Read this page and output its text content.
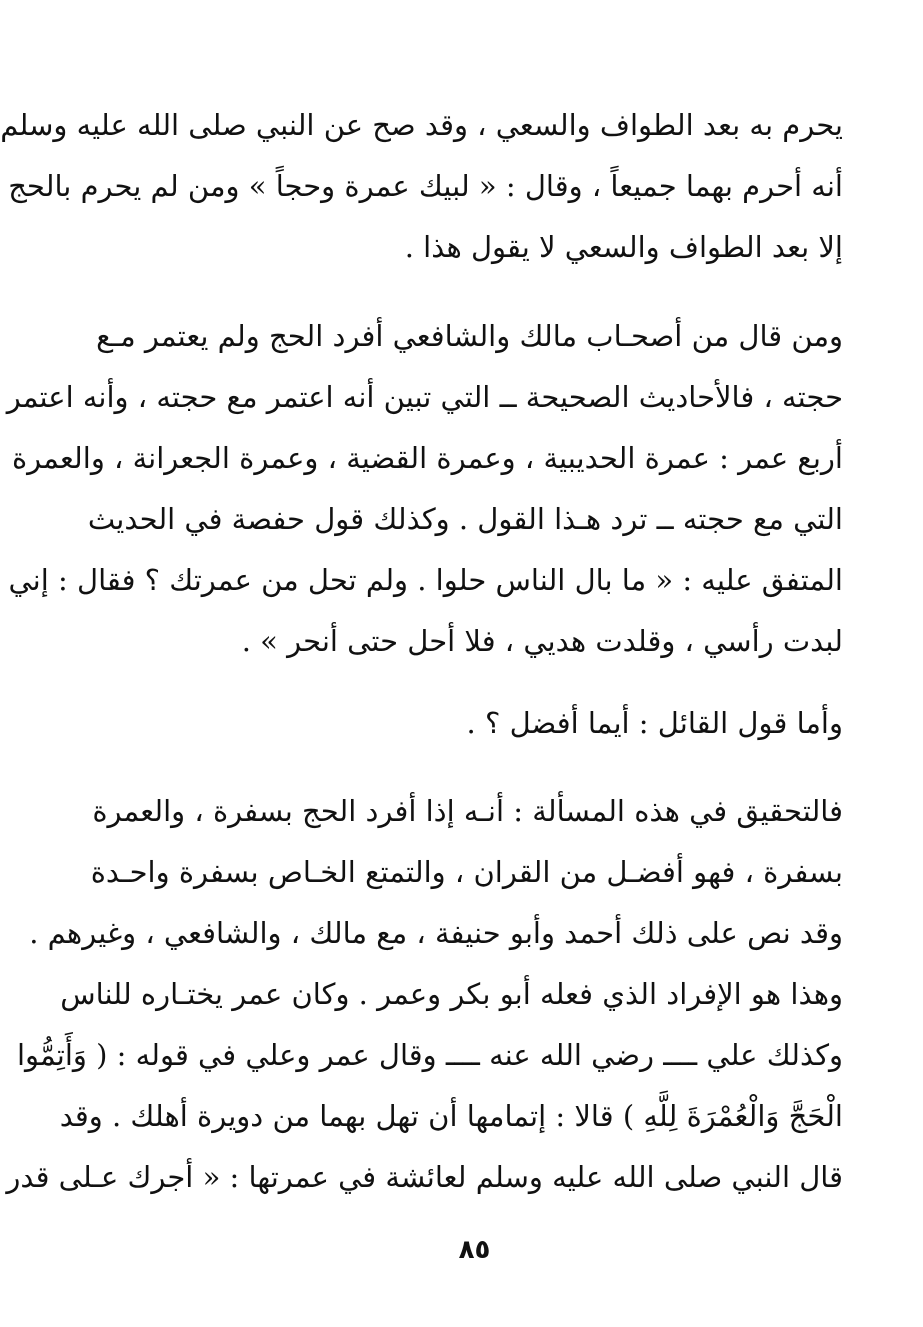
يحرم به بعد الطواف والسعي ، وقد صح عن النبي صلى الله عليه وسلم
أنه أحرم بهما جميعاً ، وقال : « لبيك عمرة وحجاً » ومن لم يحرم بالحج
إلا بعد الطواف والسعي لا يقول هذا .
ومن قال من أصحـاب مالك والشافعي أفرد الحج ولم يعتمر مـع
حجته ، فالأحاديث الصحيحة ــ التي تبين أنه اعتمر مع حجته ، وأنه اعتمر
أربع عمر : عمرة الحديبية ، وعمرة القضية ، وعمرة الجعرانة ، والعمرة
التي مع حجته ــ ترد هـذا القول . وكذلك قول حفصة في الحديث
المتفق عليه : « ما بال الناس حلوا . ولم تحل من عمرتك ؟ فقال : إني
لبدت رأسي ، وقلدت هديي ، فلا أحل حتى أنحر » .
وأما قول القائل : أيما أفضل ؟ .
فالتحقيق في هذه المسألة : أنـه إذا أفرد الحج بسفرة ، والعمرة
بسفرة ، فهو أفضـل من القران ، والتمتع الخـاص بسفرة واحـدة
وقد نص على ذلك أحمد وأبو حنيفة ، مع مالك ، والشافعي ، وغيرهم .
وهذا هو الإفراد الذي فعله أبو بكر وعمر . وكان عمر يختـاره للناس
وكذلك علي ــــ رضي الله عنه ــــ وقال عمر وعلي في قوله : ( وَأَتِمُّوا
الْحَجَّ وَالْعُمْرَةَ لِلَّهِ ) قالا : إتمامها أن تهل بهما من دويرة أهلك . وقد
قال النبي صلى الله عليه وسلم لعائشة في عمرتها : « أجرك عـلى قدر
٨٥
